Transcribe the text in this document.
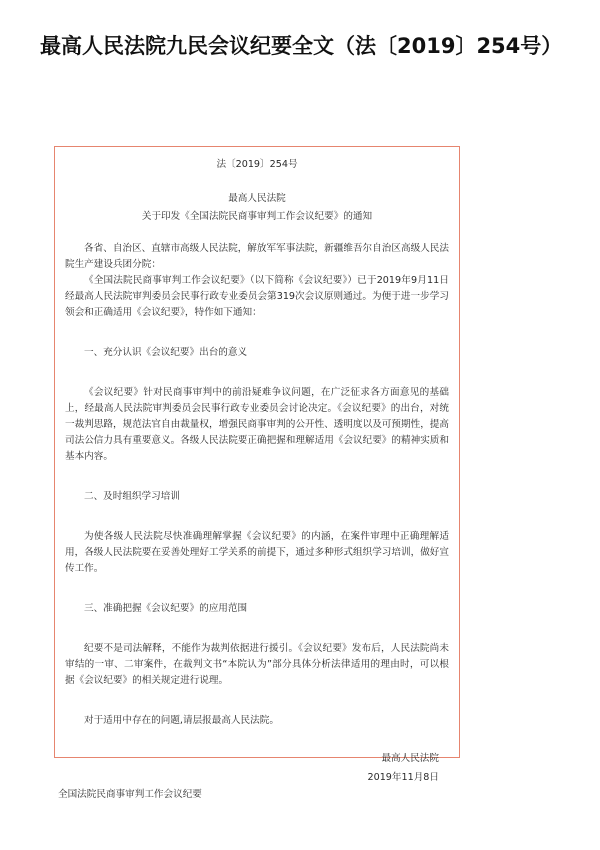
最高人民法院九民会议纪要全文（法〔2019〕254号）

法〔2019〕254号

最高人民法院

关于印发《全国法院民商事审判工作会议纪要》的通知

各省、自治区、直辖市高级人民法院，解放军军事法院，新疆维吾尔自治区高级人民法院生产建设兵团分院：

《全国法院民商事审判工作会议纪要》（以下简称《会议纪要》）已于2019年9月11日经最高人民法院审判委员会民事行政专业委员会第319次会议原则通过。为便于进一步学习领会和正确适用《会议纪要》，特作如下通知：

一、充分认识《会议纪要》出台的意义

《会议纪要》针对民商事审判中的前沿疑难争议问题，在广泛征求各方面意见的基础上，经最高人民法院审判委员会民事行政专业委员会讨论决定。《会议纪要》的出台，对统一裁判思路，规范法官自由裁量权，增强民商事审判的公开性、透明度以及可预期性，提高司法公信力具有重要意义。各级人民法院要正确把握和理解适用《会议纪要》的精神实质和基本内容。

二、及时组织学习培训

为使各级人民法院尽快准确理解掌握《会议纪要》的内涵，在案件审理中正确理解适用，各级人民法院要在妥善处理好工学关系的前提下，通过多种形式组织学习培训，做好宣传工作。

三、准确把握《会议纪要》的应用范围

纪要不是司法解释，不能作为裁判依据进行援引。《会议纪要》发布后，人民法院尚未审结的一审、二审案件，在裁判文书“本院认为”部分具体分析法律适用的理由时，可以根据《会议纪要》的相关规定进行说理。

对于适用中存在的问题,请层报最高人民法院。

最高人民法院

2019年11月8日

全国法院民商事审判工作会议纪要
